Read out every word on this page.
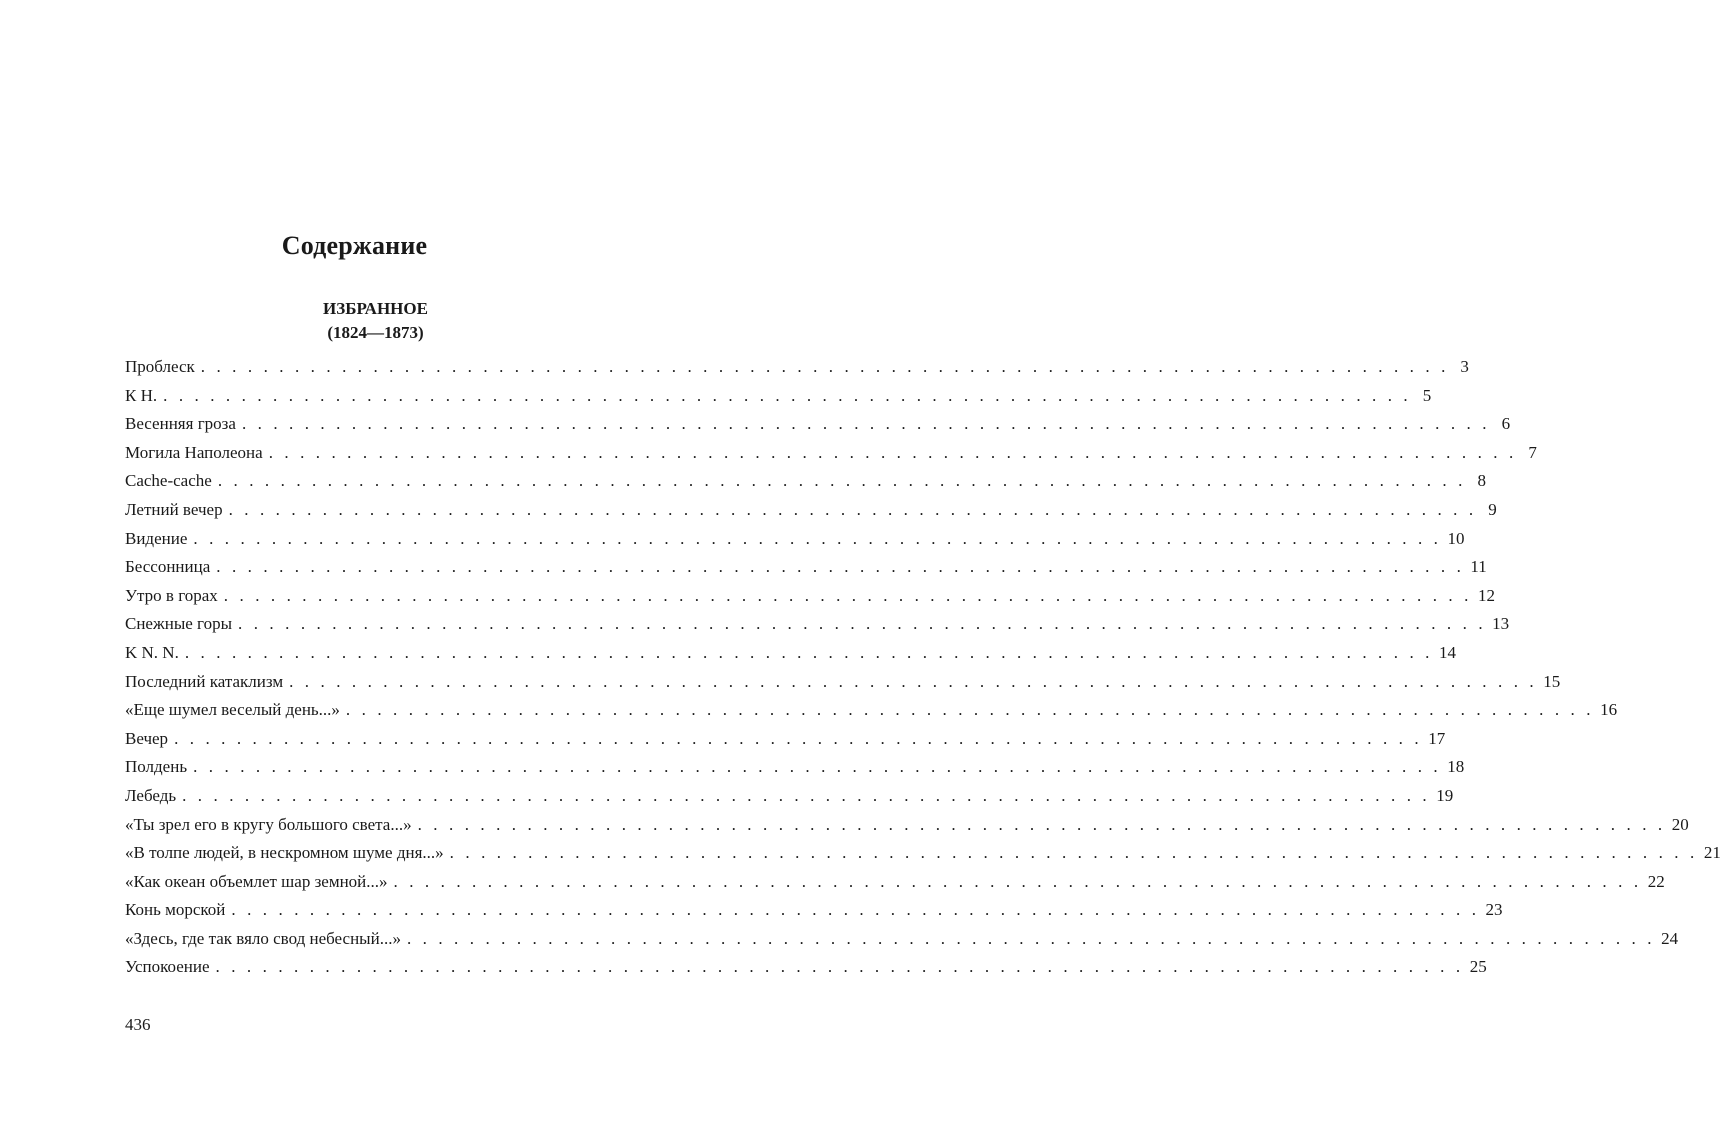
Содержание
ИЗБРАННОЕ
(1824—1873)
Проблеск . . . . . . . . . . . . . . . . . . . . . . . . . . . . . . . . . . . . . . . . . . . . . . . . . . . . . . . . . . . . . . . . . . . . . . . . . . . . . . . . 3
К Н. . . . . . . . . . . . . . . . . . . . . . . . . . . . . . . . . . . . . . . . . . . . . . . . . . . . . . . . . . . . . . . . . . . . . . . . . . . . . . . . . 5
Весенняя гроза . . . . . . . . . . . . . . . . . . . . . . . . . . . . . . . . . . . . . . . . . . . . . . . . . . . . . . . . . . . . . . . . . . . . . . . . . . . . . . . . 6
Могила Наполеона . . . . . . . . . . . . . . . . . . . . . . . . . . . . . . . . . . . . . . . . . . . . . . . . . . . . . . . . . . . . . . . . . . . . . . . . . . . . . . . . 7
Cache-cache . . . . . . . . . . . . . . . . . . . . . . . . . . . . . . . . . . . . . . . . . . . . . . . . . . . . . . . . . . . . . . . . . . . . . . . . . . . . . . . . 8
Летний вечер . . . . . . . . . . . . . . . . . . . . . . . . . . . . . . . . . . . . . . . . . . . . . . . . . . . . . . . . . . . . . . . . . . . . . . . . . . . . . . . . 9
Видение . . . . . . . . . . . . . . . . . . . . . . . . . . . . . . . . . . . . . . . . . . . . . . . . . . . . . . . . . . . . . . . . . . . . . . . . . . . . . . . . 10
Бессонница . . . . . . . . . . . . . . . . . . . . . . . . . . . . . . . . . . . . . . . . . . . . . . . . . . . . . . . . . . . . . . . . . . . . . . . . . . . . . . . . 11
Утро в горах . . . . . . . . . . . . . . . . . . . . . . . . . . . . . . . . . . . . . . . . . . . . . . . . . . . . . . . . . . . . . . . . . . . . . . . . . . . . . . . . 12
Снежные горы . . . . . . . . . . . . . . . . . . . . . . . . . . . . . . . . . . . . . . . . . . . . . . . . . . . . . . . . . . . . . . . . . . . . . . . . . . . . . . . . 13
K N. N. . . . . . . . . . . . . . . . . . . . . . . . . . . . . . . . . . . . . . . . . . . . . . . . . . . . . . . . . . . . . . . . . . . . . . . . . . . . . . . . . 14
Последний катаклизм . . . . . . . . . . . . . . . . . . . . . . . . . . . . . . . . . . . . . . . . . . . . . . . . . . . . . . . . . . . . . . . . . . . . . . . . . . . . . . . . 15
«Еще шумел веселый день...» . . . . . . . . . . . . . . . . . . . . . . . . . . . . . . . . . . . . . . . . . . . . . . . . . . . . . . . . . . . . . . . . . . . . . . . . . . . . . . . . 16
Вечер . . . . . . . . . . . . . . . . . . . . . . . . . . . . . . . . . . . . . . . . . . . . . . . . . . . . . . . . . . . . . . . . . . . . . . . . . . . . . . . . 17
Полдень . . . . . . . . . . . . . . . . . . . . . . . . . . . . . . . . . . . . . . . . . . . . . . . . . . . . . . . . . . . . . . . . . . . . . . . . . . . . . . . . 18
Лебедь . . . . . . . . . . . . . . . . . . . . . . . . . . . . . . . . . . . . . . . . . . . . . . . . . . . . . . . . . . . . . . . . . . . . . . . . . . . . . . . . 19
«Ты зрел его в кругу большого света...» . . . . . . . . . . . . . . . . . . . . . . . . . . . . . . . . . . . . . . . . . . . . . . . . . . . . . . . . . . . . . . . . . . . . . . . . . . . . . . . . 20
«В толпе людей, в нескромном шуме дня...» . . . . . . . . . . . . . . . . . . . . . . . . . . . . . . . . . . . . . . . . . . . . . . . . . . . . . . . . . . . . . . . . . . . . . . . . . . . . . . . . 21
«Как океан объемлет шар земной...» . . . . . . . . . . . . . . . . . . . . . . . . . . . . . . . . . . . . . . . . . . . . . . . . . . . . . . . . . . . . . . . . . . . . . . . . . . . . . . . . 22
Конь морской . . . . . . . . . . . . . . . . . . . . . . . . . . . . . . . . . . . . . . . . . . . . . . . . . . . . . . . . . . . . . . . . . . . . . . . . . . . . . . . . 23
«Здесь, где так вяло свод небесный...» . . . . . . . . . . . . . . . . . . . . . . . . . . . . . . . . . . . . . . . . . . . . . . . . . . . . . . . . . . . . . . . . . . . . . . . . . . . . . . . . 24
Успокоение . . . . . . . . . . . . . . . . . . . . . . . . . . . . . . . . . . . . . . . . . . . . . . . . . . . . . . . . . . . . . . . . . . . . . . . . . . . . . . . . 25
436
